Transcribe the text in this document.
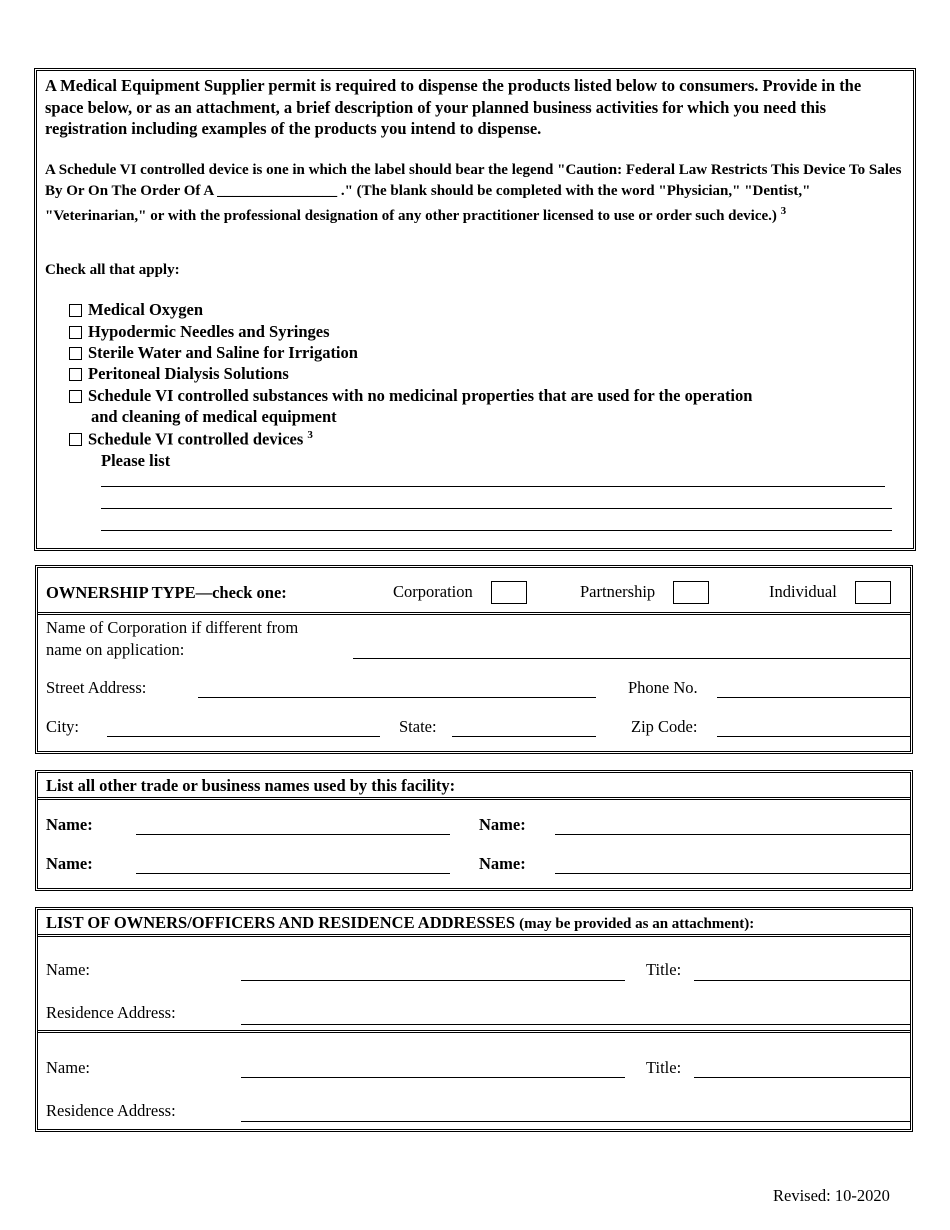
A Medical Equipment Supplier permit is required to dispense the products listed below to consumers. Provide in the space below, or as an attachment, a brief description of your planned business activities for which you need this registration including examples of the products you intend to dispense.
A Schedule VI controlled device is one in which the label should bear the legend "Caution: Federal Law Restricts This Device To Sales By Or On The Order Of A ________________ ." (The blank should be completed with the word "Physician," "Dentist," "Veterinarian," or with the professional designation of any other practitioner licensed to use or order such device.) $^3$
Check all that apply:
Medical Oxygen
Hypodermic Needles and Syringes
Sterile Water and Saline for Irrigation
Peritoneal Dialysis Solutions
Schedule VI controlled substances with no medicinal properties that are used for the operation
and cleaning of medical equipment
Schedule VI controlled devices $^3$
Please list
OWNERSHIP TYPE—check one:	Corporation	Partnership	Individual
Name of Corporation if different from
name on application:
Street Address:	Phone No.
City:	State:	Zip Code:
List all other trade or business names used by this facility:
Name:	Name:
Name:	Name:
LIST OF OWNERS/OFFICERS AND RESIDENCE ADDRESSES (may be provided as an attachment):
Name:	Title:
Residence Address:
Name:	Title:
Residence Address:
Revised: 10-2020
